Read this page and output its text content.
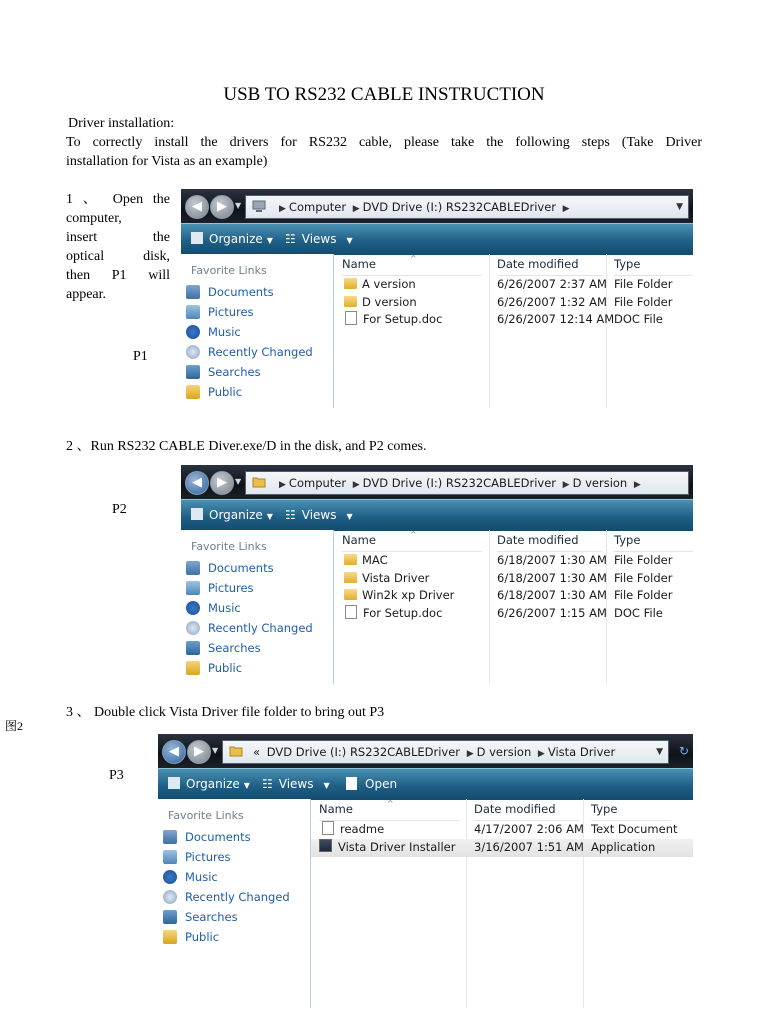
USB TO RS232 CABLE INSTRUCTION
Driver installation:
To correctly install the drivers for RS232 cable, please take the following steps (Take Driver
installation for Vista as an example)
1 、 Open the
computer,
insert the
optical disk,
then P1 will
appear.
P1
2 、Run RS232 CABLE Diver.exe/D in the disk, and P2 comes.
P2
3 、 Double click Vista Driver file folder to bring out P3
图2
P3
◀	▶	▼	▶ Computer ▶ DVD Drive (I:) RS232CABLEDriver ▶	▼
Organize ▼ ☷ Views ▼
Favorite Links
Documents
Pictures
Music
Recently Changed
Searches
Public
Name	^	Date modified	Type
A version	6/26/2007 2:37 AM File Folder
D version	6/26/2007 1:32 AM File Folder
For Setup.doc	6/26/2007 12:14 AM DOC File
◀	▶	▼	▶ Computer ▶ DVD Drive (I:) RS232CABLEDriver ▶ D version ▶
Organize ▼ ☷ Views ▼
Favorite Links
Documents
Pictures
Music
Recently Changed
Searches
Public
Name	^	Date modified	Type
MAC	6/18/2007 1:30 AM File Folder
Vista Driver	6/18/2007 1:30 AM File Folder
Win2k xp Driver	6/18/2007 1:30 AM File Folder
For Setup.doc	6/26/2007 1:15 AM DOC File
◀	▶	▼	« DVD Drive (I:) RS232CABLEDriver ▶ D version ▶ Vista Driver	▼	↻
Organize ▼ ☷ Views ▼	Open
Favorite Links
Documents
Pictures
Music
Recently Changed
Searches
Public
Name	^	Date modified	Type
readme	4/17/2007 2:06 AM Text Document
Vista Driver Installer 3/16/2007 1:51 AM Application
